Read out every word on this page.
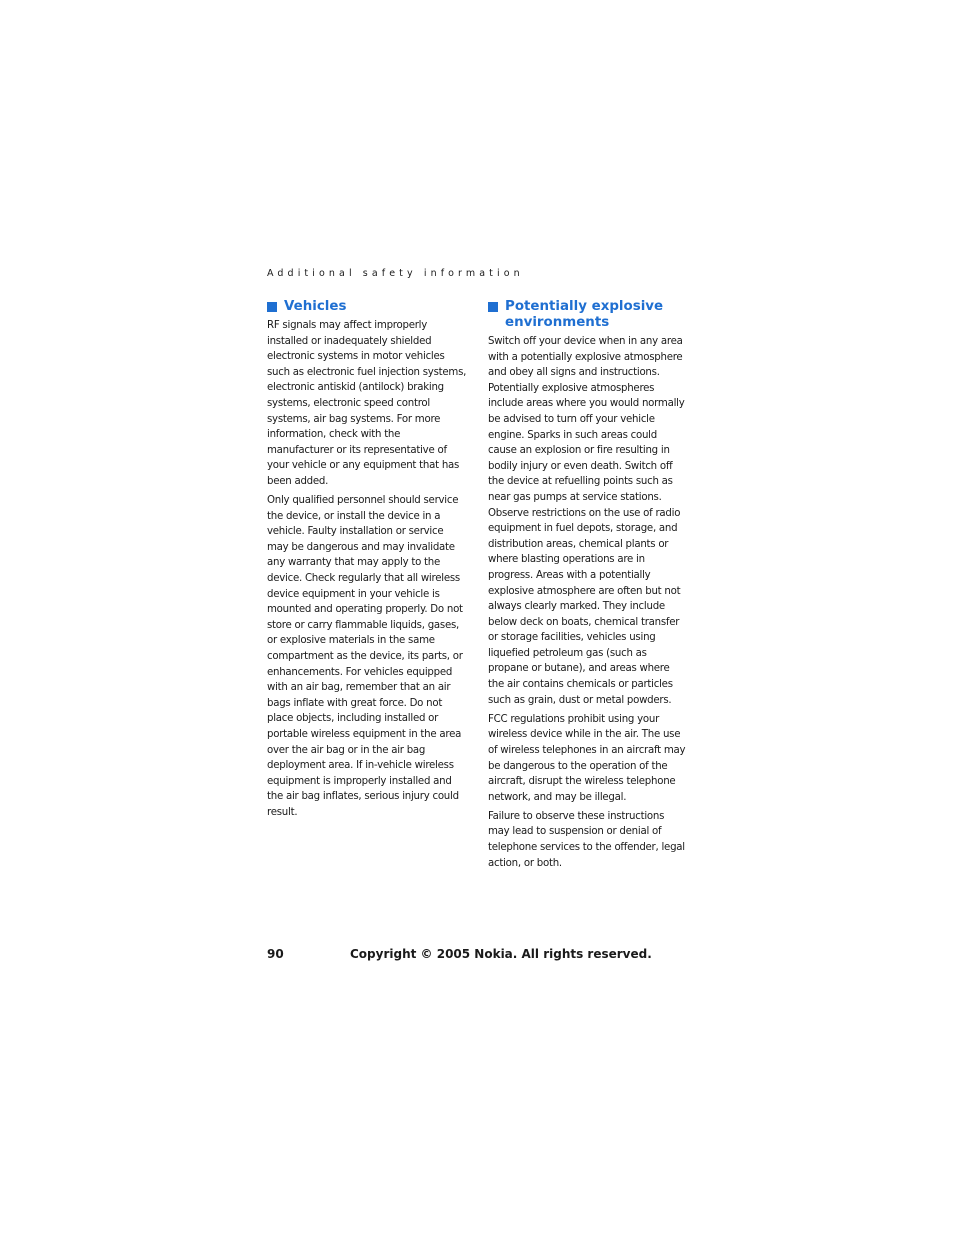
Additional safety information
Vehicles

RF signals may affect improperly installed or inadequately shielded electronic systems in motor vehicles such as electronic fuel injection systems, electronic antiskid (antilock) braking systems, electronic speed control systems, air bag systems. For more information, check with the manufacturer or its representative of your vehicle or any equipment that has been added.

Only qualified personnel should service the device, or install the device in a vehicle. Faulty installation or service may be dangerous and may invalidate any warranty that may apply to the device. Check regularly that all wireless device equipment in your vehicle is mounted and operating properly. Do not store or carry flammable liquids, gases, or explosive materials in the same compartment as the device, its parts, or enhancements. For vehicles equipped with an air bag, remember that an air bags inflate with great force. Do not place objects, including installed or portable wireless equipment in the area over the air bag or in the air bag deployment area. If in-vehicle wireless equipment is improperly installed and the air bag inflates, serious injury could result.

Potentially explosive environments

Switch off your device when in any area with a potentially explosive atmosphere and obey all signs and instructions. Potentially explosive atmospheres include areas where you would normally be advised to turn off your vehicle engine. Sparks in such areas could cause an explosion or fire resulting in bodily injury or even death. Switch off the device at refuelling points such as near gas pumps at service stations. Observe restrictions on the use of radio equipment in fuel depots, storage, and distribution areas, chemical plants or where blasting operations are in progress. Areas with a potentially explosive atmosphere are often but not always clearly marked. They include below deck on boats, chemical transfer or storage facilities, vehicles using liquefied petroleum gas (such as propane or butane), and areas where the air contains chemicals or particles such as grain, dust or metal powders.

FCC regulations prohibit using your wireless device while in the air. The use of wireless telephones in an aircraft may be dangerous to the operation of the aircraft, disrupt the wireless telephone network, and may be illegal.

Failure to observe these instructions may lead to suspension or denial of telephone services to the offender, legal action, or both.

90	Copyright © 2005 Nokia. All rights reserved.
